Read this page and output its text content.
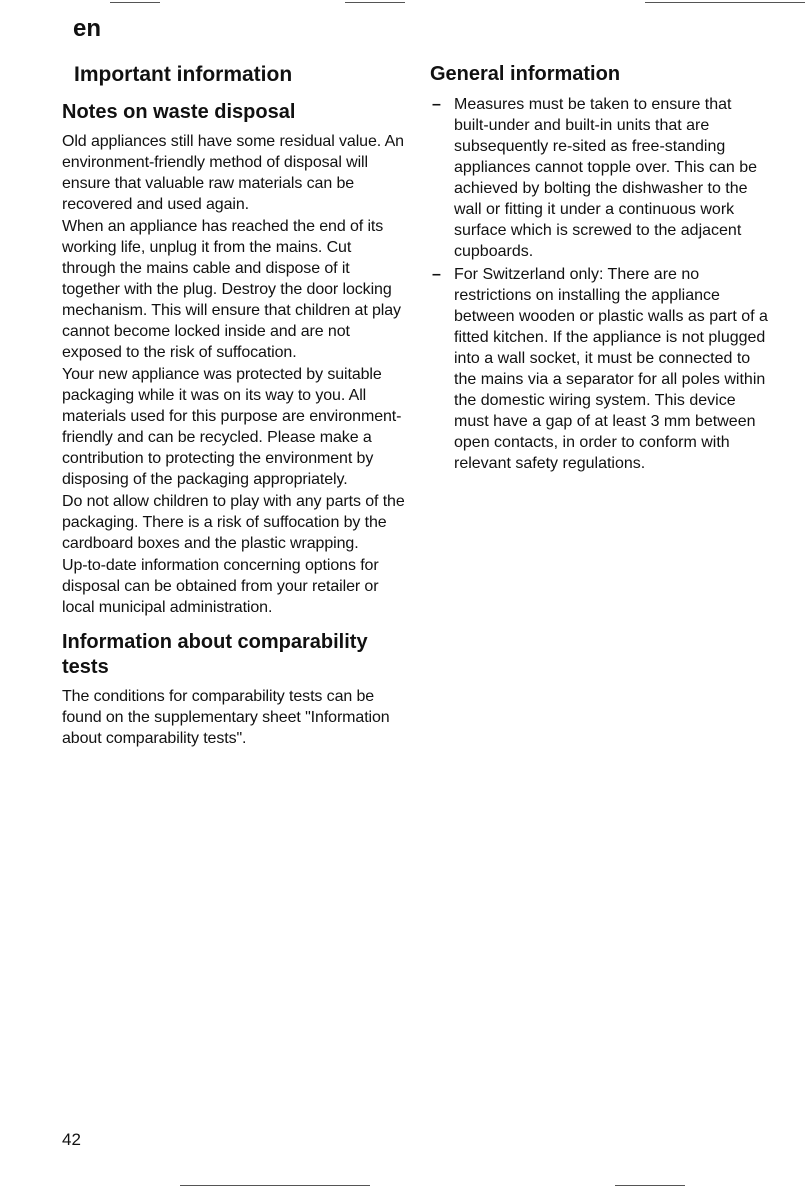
en
Important information
Notes on waste disposal

Old appliances still have some residual value. An environment-friendly method of disposal will ensure that valuable raw materials can be recovered and used again.

When an appliance has reached the end of its working life, unplug it from the mains. Cut through the mains cable and dispose of it together with the plug. Destroy the door locking mechanism. This will ensure that children at play cannot become locked inside and are not exposed to the risk of suffocation.

Your new appliance was protected by suitable packaging while it was on its way to you. All materials used for this purpose are environment-friendly and can be recycled. Please make a contribution to protecting the environment by disposing of the packaging appropriately.

Do not allow children to play with any parts of the packaging. There is a risk of suffocation by the cardboard boxes and the plastic wrapping.

Up-to-date information concerning options for disposal can be obtained from your retailer or local municipal administration.

Information about comparability tests

The conditions for comparability tests can be found on the supplementary sheet "Information about comparability tests".

General information
– Measures must be taken to ensure that built-under and built-in units that are subsequently re-sited as free-standing appliances cannot topple over. This can be achieved by bolting the dishwasher to the wall or fitting it under a continuous work surface which is screwed to the adjacent cupboards.
– For Switzerland only: There are no restrictions on installing the appliance between wooden or plastic walls as part of a fitted kitchen. If the appliance is not plugged into a wall socket, it must be connected to the mains via a separator for all poles within the domestic wiring system. This device must have a gap of at least 3 mm between open contacts, in order to conform with relevant safety regulations.
42
